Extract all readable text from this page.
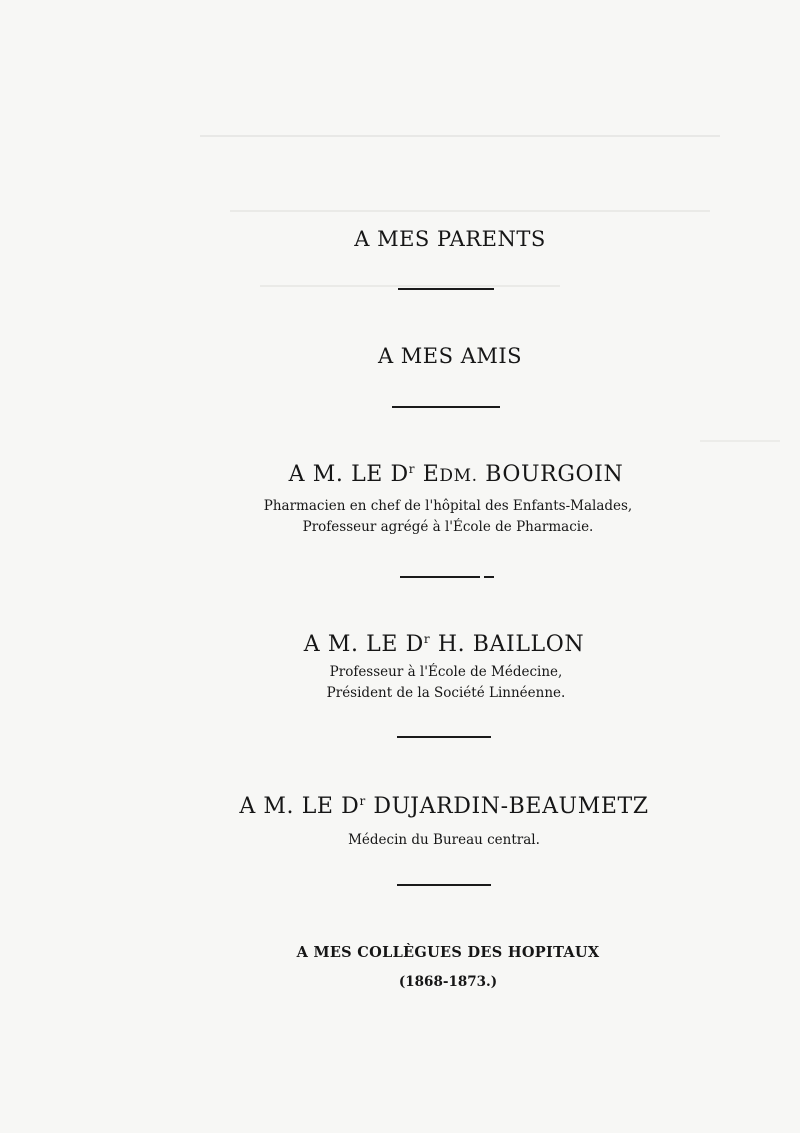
A MES PARENTS
A MES AMIS
A M. LE $D^r$ EDM. BOURGOIN
Pharmacien en chef de l'hôpital des Enfants-Malades,
Professeur agrégé à l'École de Pharmacie.
A M. LE $D^r$ H. BAILLON
Professeur à l'École de Médecine,
Président de la Société Linnéenne.
A M. LE $D^r$ DUJARDIN-BEAUMETZ
Médecin du Bureau central.
A MES COLLÈGUES DES HOPITAUX
(1868-1873.)
